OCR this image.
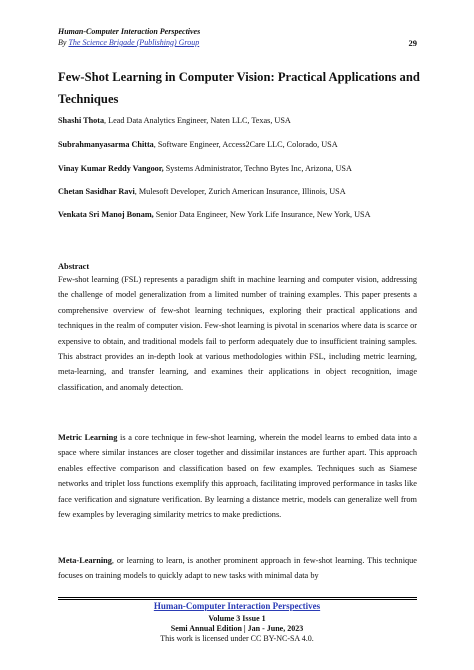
Human-Computer Interaction Perspectives
By The Science Brigade (Publishing) Group	29
Few-Shot Learning in Computer Vision: Practical Applications and Techniques
Shashi Thota, Lead Data Analytics Engineer, Naten LLC, Texas, USA
Subrahmanyasarma Chitta, Software Engineer, Access2Care LLC, Colorado, USA
Vinay Kumar Reddy Vangoor, Systems Administrator, Techno Bytes Inc, Arizona, USA
Chetan Sasidhar Ravi, Mulesoft Developer, Zurich American Insurance, Illinois, USA
Venkata Sri Manoj Bonam, Senior Data Engineer, New York Life Insurance, New York, USA
Abstract

Few-shot learning (FSL) represents a paradigm shift in machine learning and computer vision, addressing the challenge of model generalization from a limited number of training examples. This paper presents a comprehensive overview of few-shot learning techniques, exploring their practical applications and techniques in the realm of computer vision. Few-shot learning is pivotal in scenarios where data is scarce or expensive to obtain, and traditional models fail to perform adequately due to insufficient training samples. This abstract provides an in-depth look at various methodologies within FSL, including metric learning, meta-learning, and transfer learning, and examines their applications in object recognition, image classification, and anomaly detection.

Metric Learning is a core technique in few-shot learning, wherein the model learns to embed data into a space where similar instances are closer together and dissimilar instances are further apart. This approach enables effective comparison and classification based on few examples. Techniques such as Siamese networks and triplet loss functions exemplify this approach, facilitating improved performance in tasks like face verification and signature verification. By learning a distance metric, models can generalize well from few examples by leveraging similarity metrics to make predictions.

Meta-Learning, or learning to learn, is another prominent approach in few-shot learning. This technique focuses on training models to quickly adapt to new tasks with minimal data by

Human-Computer Interaction Perspectives
Volume 3 Issue 1
Semi Annual Edition | Jan - June, 2023
This work is licensed under CC BY-NC-SA 4.0.
